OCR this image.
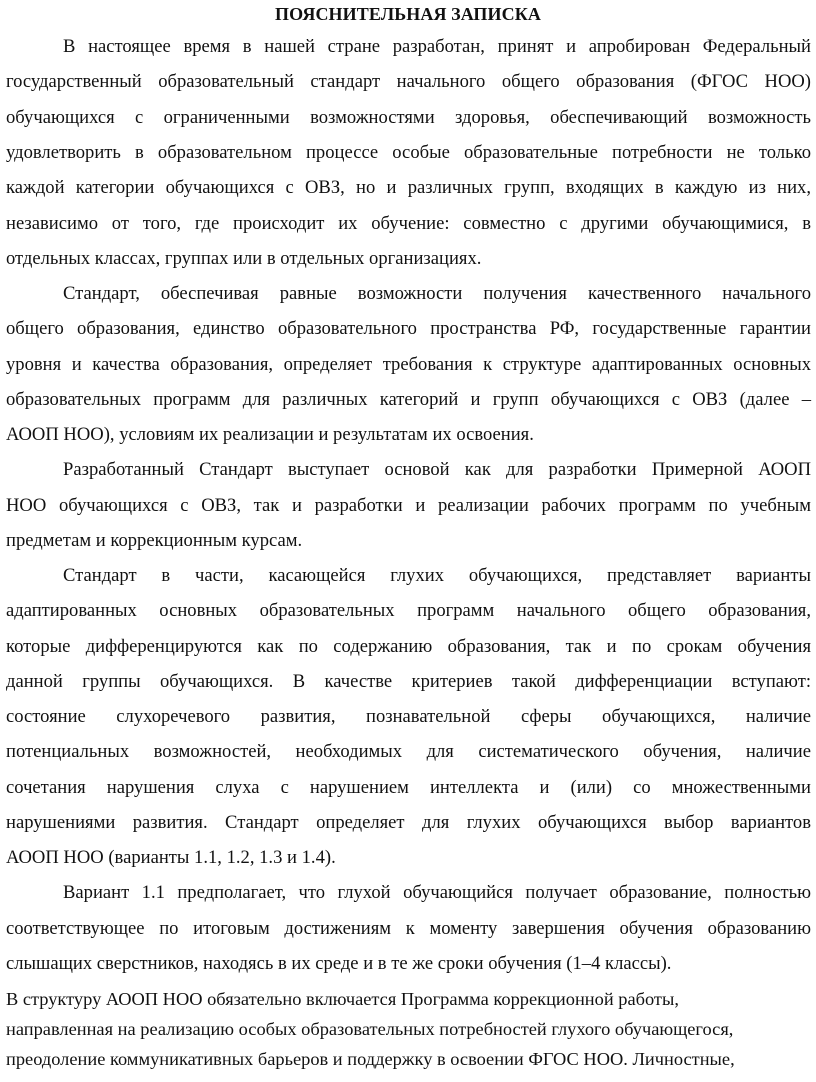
ПОЯСНИТЕЛЬНАЯ ЗАПИСКА
В настоящее время в нашей стране разработан, принят и апробирован Федеральный
государственный образовательный стандарт начального общего образования (ФГОС НОО)
обучающихся с ограниченными возможностями здоровья, обеспечивающий возможность
удовлетворить в образовательном процессе особые образовательные потребности не только
каждой категории обучающихся с ОВЗ, но и различных групп, входящих в каждую из них,
независимо от того, где происходит их обучение: совместно с другими обучающимися, в
отдельных классах, группах или в отдельных организациях.
Стандарт, обеспечивая равные возможности получения качественного начального
общего образования, единство образовательного пространства РФ, государственные гарантии
уровня и качества образования, определяет требования к структуре адаптированных основных
образовательных программ для различных категорий и групп обучающихся с ОВЗ (далее –
АООП НОО), условиям их реализации и результатам их освоения.
Разработанный Стандарт выступает основой как для разработки Примерной АООП
НОО обучающихся с ОВЗ, так и разработки и реализации рабочих программ по учебным
предметам и коррекционным курсам.
Стандарт в части, касающейся глухих обучающихся, представляет варианты
адаптированных основных образовательных программ начального общего образования,
которые дифференцируются как по содержанию образования, так и по срокам обучения
данной группы обучающихся. В качестве критериев такой дифференциации вступают:
состояние слухоречевого развития, познавательной сферы обучающихся, наличие
потенциальных возможностей, необходимых для систематического обучения, наличие
сочетания нарушения слуха с нарушением интеллекта и (или) со множественными
нарушениями развития. Стандарт определяет для глухих обучающихся выбор вариантов
АООП НОО (варианты 1.1, 1.2, 1.3 и 1.4).
Вариант 1.1 предполагает, что глухой обучающийся получает образование, полностью
соответствующее по итоговым достижениям к моменту завершения обучения образованию
слышащих сверстников, находясь в их среде и в те же сроки обучения (1–4 классы).
В структуру АООП НОО обязательно включается Программа коррекционной работы,
направленная на реализацию особых образовательных потребностей глухого обучающегося,
преодоление коммуникативных барьеров и поддержку в освоении ФГОС НОО. Личностные,
